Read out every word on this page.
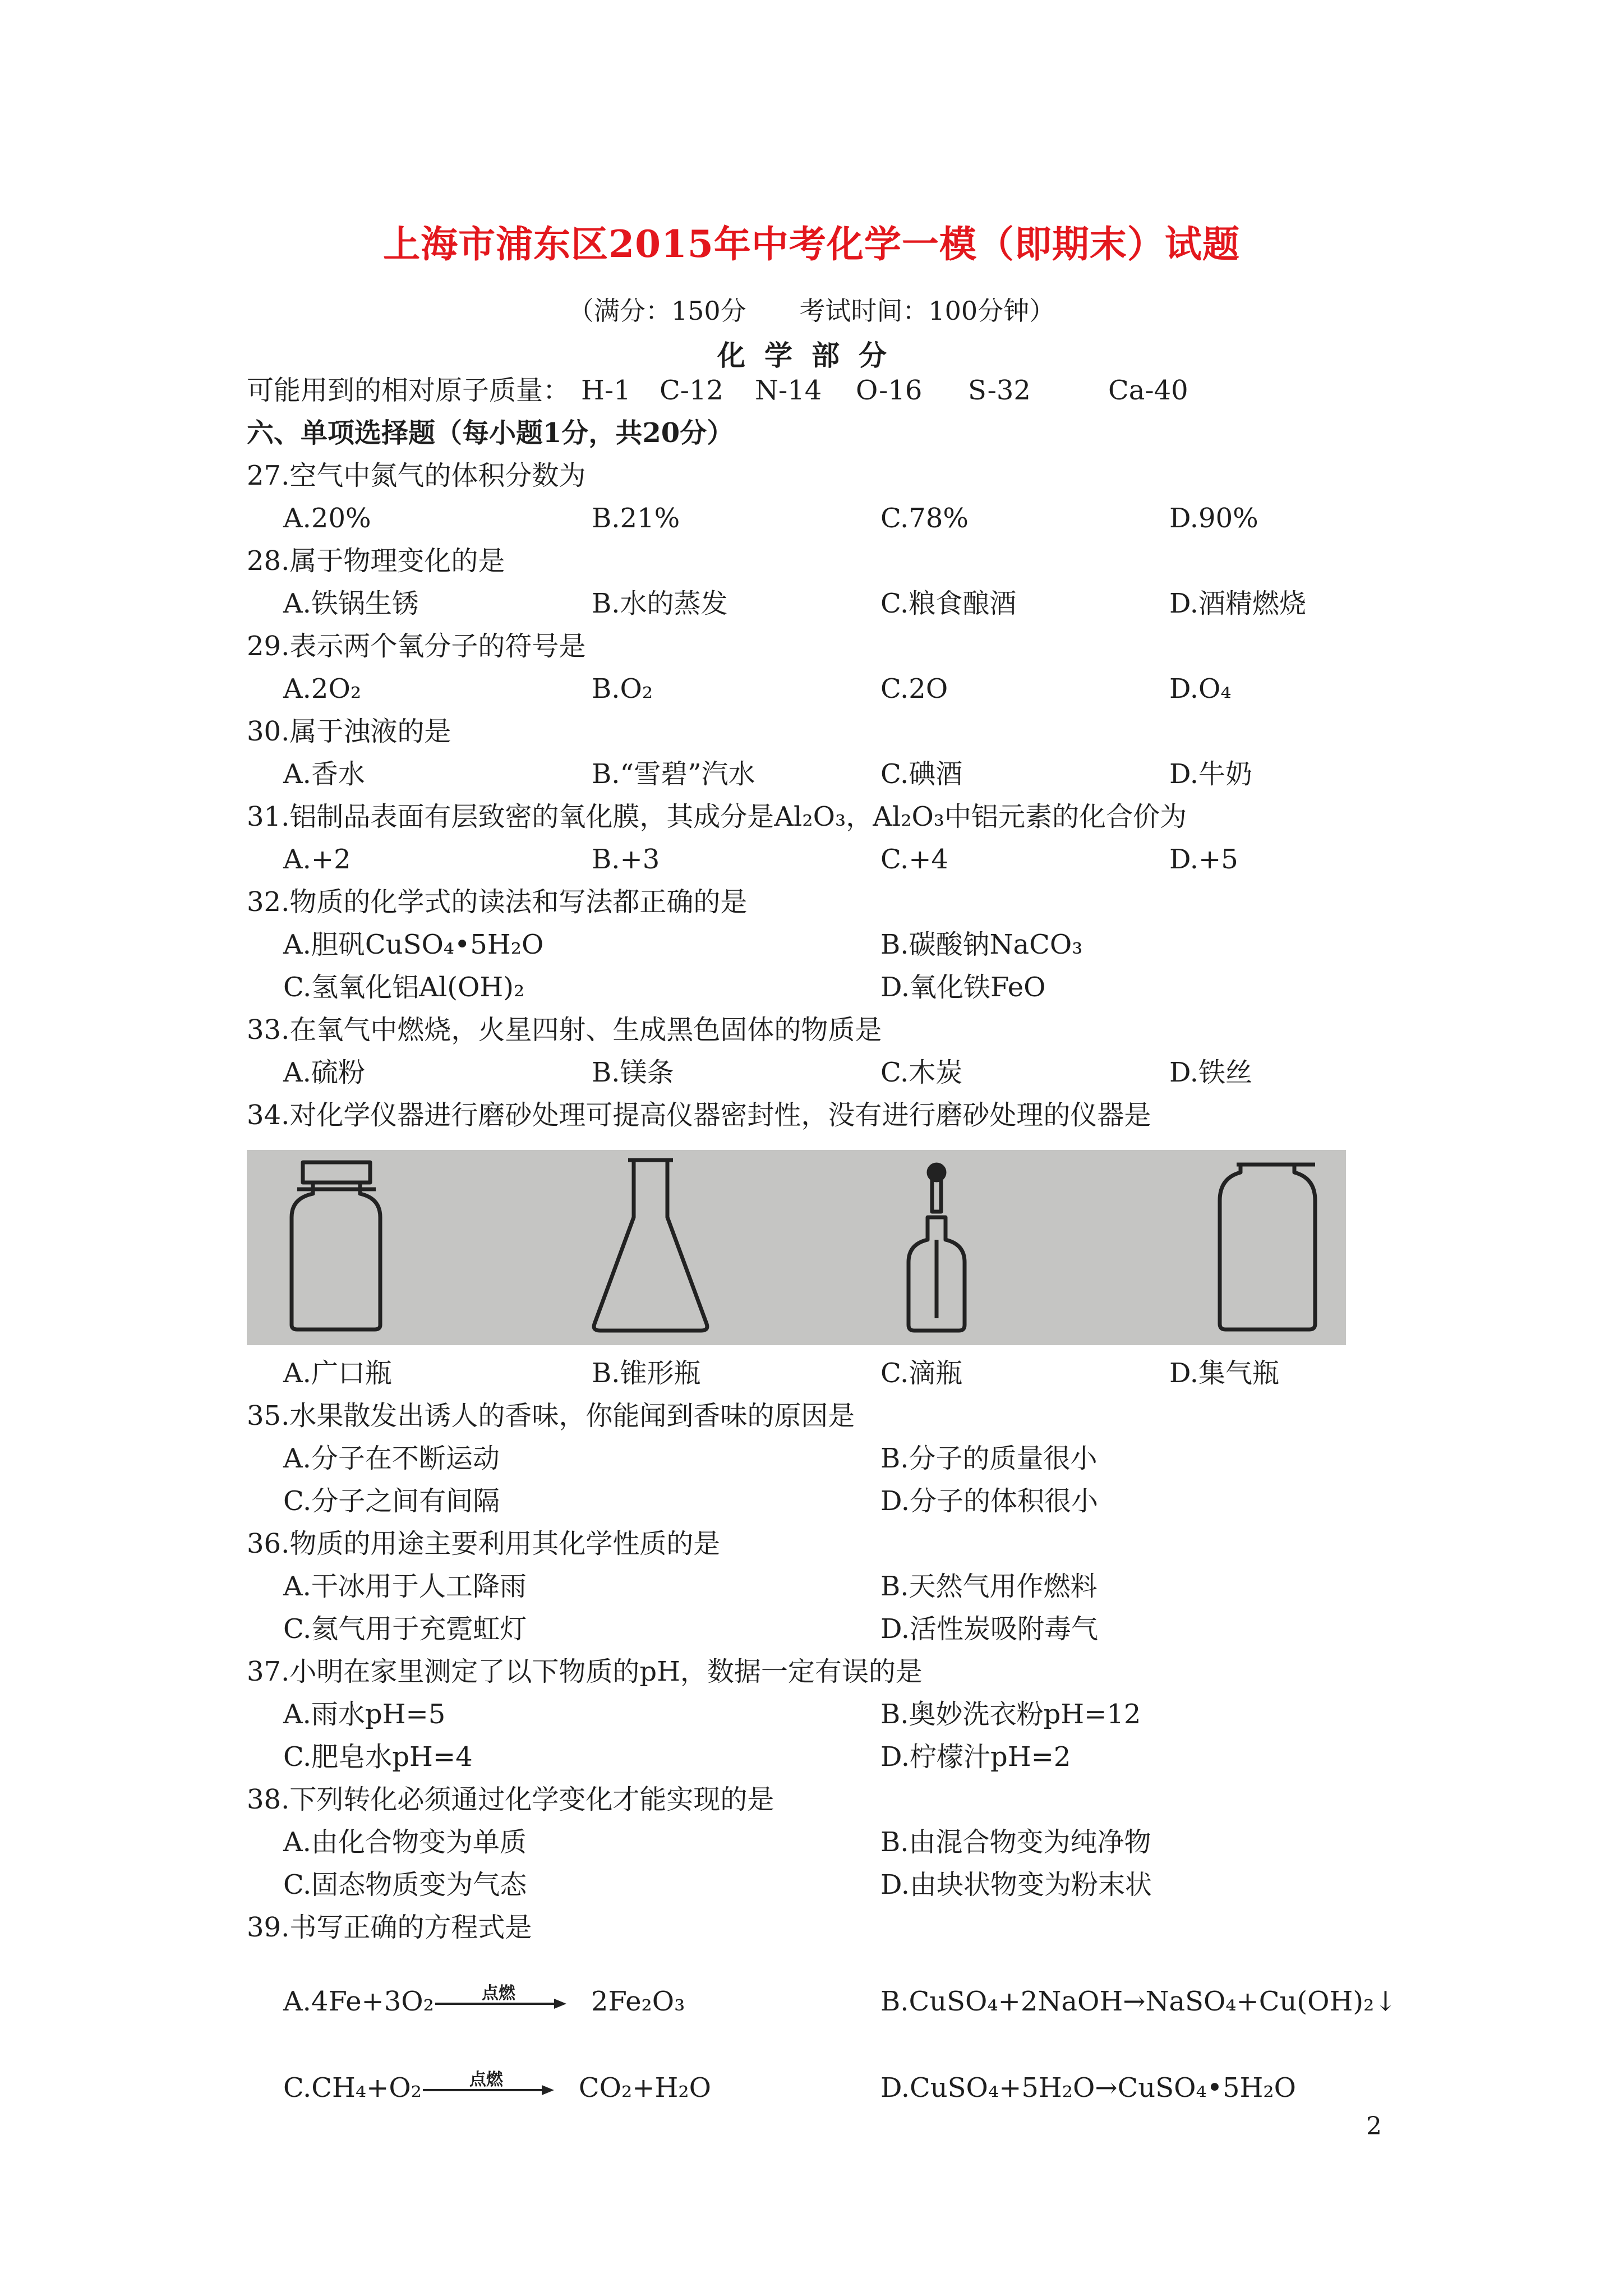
上海市浦东区2015年中考化学一模（即期末）试题
（满分：150分 考试时间：100分钟）
化学部分
可能用到的相对原子质量： H-1 C-12 N-14 O-16 S-32	Ca-40
六、单项选择题（每小题1分，共20分）
27.空气中氮气的体积分数为
A.20%	B.21%	C.78%	D.90%
28.属于物理变化的是
A.铁锅生锈	B.水的蒸发	C.粮食酿酒	D.酒精燃烧
29.表示两个氧分子的符号是
A.2O₂	B.O₂	C.2O	D.O₄
30.属于浊液的是
A.香水	B.“雪碧”汽水	C.碘酒	D.牛奶
31.铝制品表面有层致密的氧化膜，其成分是Al₂O₃，Al₂O₃中铝元素的化合价为
A.+2	B.+3	C.+4	D.+5
32.物质的化学式的读法和写法都正确的是
A.胆矾CuSO₄•5H₂O	B.碳酸钠NaCO₃
C.氢氧化铝Al(OH)₂	D.氧化铁FeO
33.在氧气中燃烧，火星四射、生成黑色固体的物质是
A.硫粉	B.镁条	C.木炭	D.铁丝
34.对化学仪器进行磨砂处理可提高仪器密封性，没有进行磨砂处理的仪器是
A.广口瓶	B.锥形瓶	C.滴瓶	D.集气瓶
35.水果散发出诱人的香味，你能闻到香味的原因是
A.分子在不断运动	B.分子的质量很小
C.分子之间有间隔	D.分子的体积很小
36.物质的用途主要利用其化学性质的是
A.干冰用于人工降雨	B.天然气用作燃料
C.氦气用于充霓虹灯	D.活性炭吸附毒气
37.小明在家里测定了以下物质的pH，数据一定有误的是
A.雨水pH=5	B.奥妙洗衣粉pH=12
C.肥皂水pH=4	D.柠檬汁pH=2
38.下列转化必须通过化学变化才能实现的是
A.由化合物变为单质	B.由混合物变为纯净物
C.固态物质变为气态	D.由块状物变为粉末状
39.书写正确的方程式是
A.4Fe+3O₂	点燃	2Fe₂O₃	B.CuSO₄+2NaOH→NaSO₄+Cu(OH)₂↓
C.CH₄+O₂	点燃	CO₂+H₂O	D.CuSO₄+5H₂O→CuSO₄•5H₂O
2
